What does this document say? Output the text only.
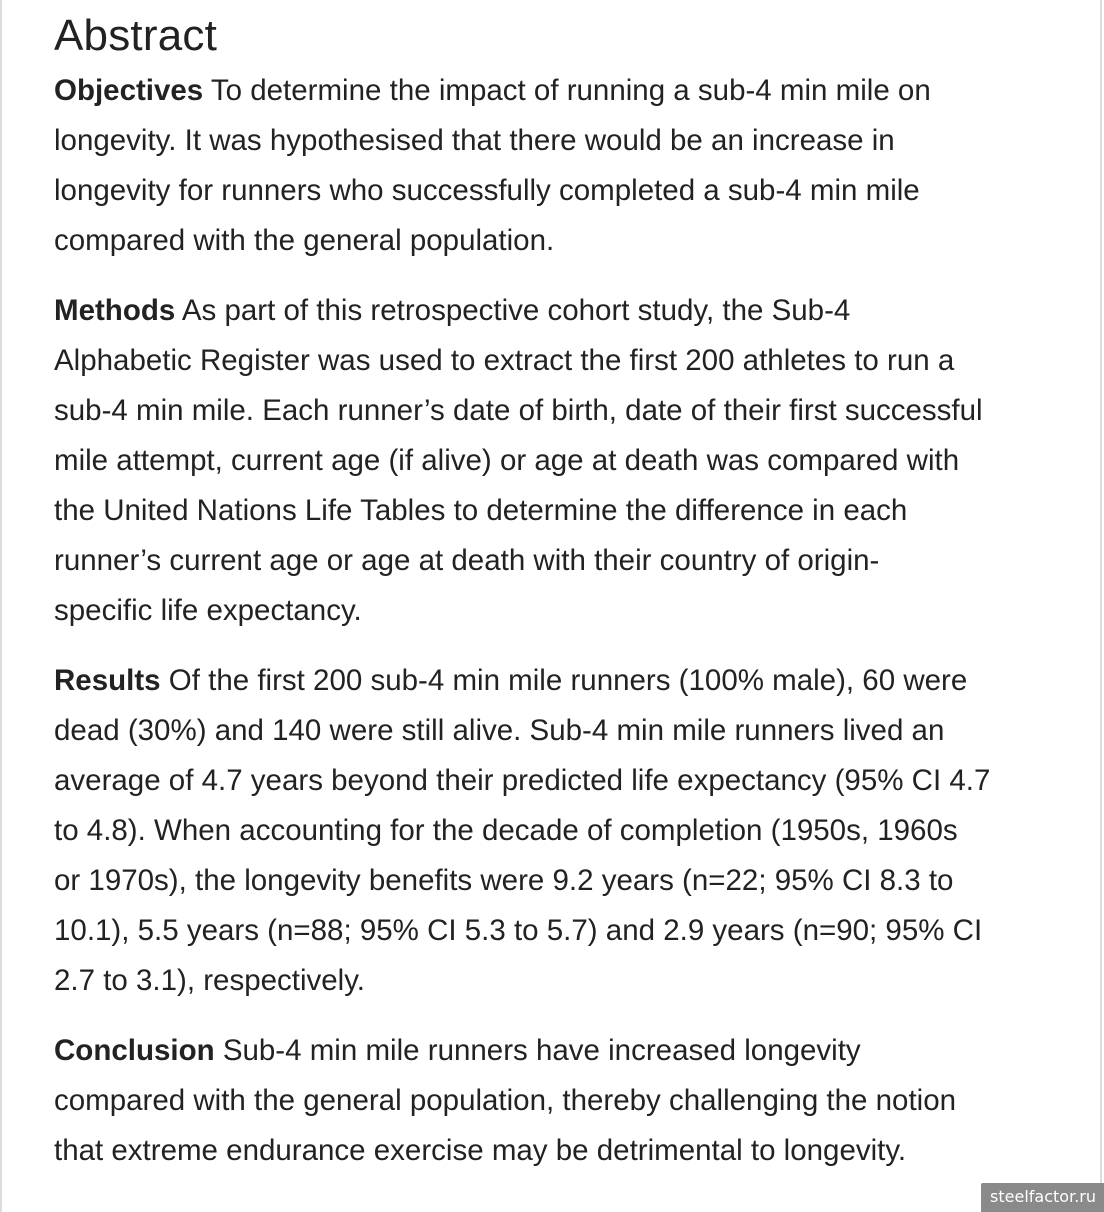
Abstract

Objectives To determine the impact of running a sub-4 min mile on
longevity. It was hypothesised that there would be an increase in
longevity for runners who successfully completed a sub-4 min mile
compared with the general population.

Methods As part of this retrospective cohort study, the Sub-4
Alphabetic Register was used to extract the first 200 athletes to run a
sub-4 min mile. Each runner’s date of birth, date of their first successful
mile attempt, current age (if alive) or age at death was compared with
the United Nations Life Tables to determine the difference in each
runner’s current age or age at death with their country of origin-
specific life expectancy.

Results Of the first 200 sub-4 min mile runners (100% male), 60 were
dead (30%) and 140 were still alive. Sub-4 min mile runners lived an
average of 4.7 years beyond their predicted life expectancy (95% CI 4.7
to 4.8). When accounting for the decade of completion (1950s, 1960s
or 1970s), the longevity benefits were 9.2 years (n=22; 95% CI 8.3 to
10.1), 5.5 years (n=88; 95% CI 5.3 to 5.7) and 2.9 years (n=90; 95% CI
2.7 to 3.1), respectively.

Conclusion Sub-4 min mile runners have increased longevity
compared with the general population, thereby challenging the notion
that extreme endurance exercise may be detrimental to longevity.

steelfactor.ru
